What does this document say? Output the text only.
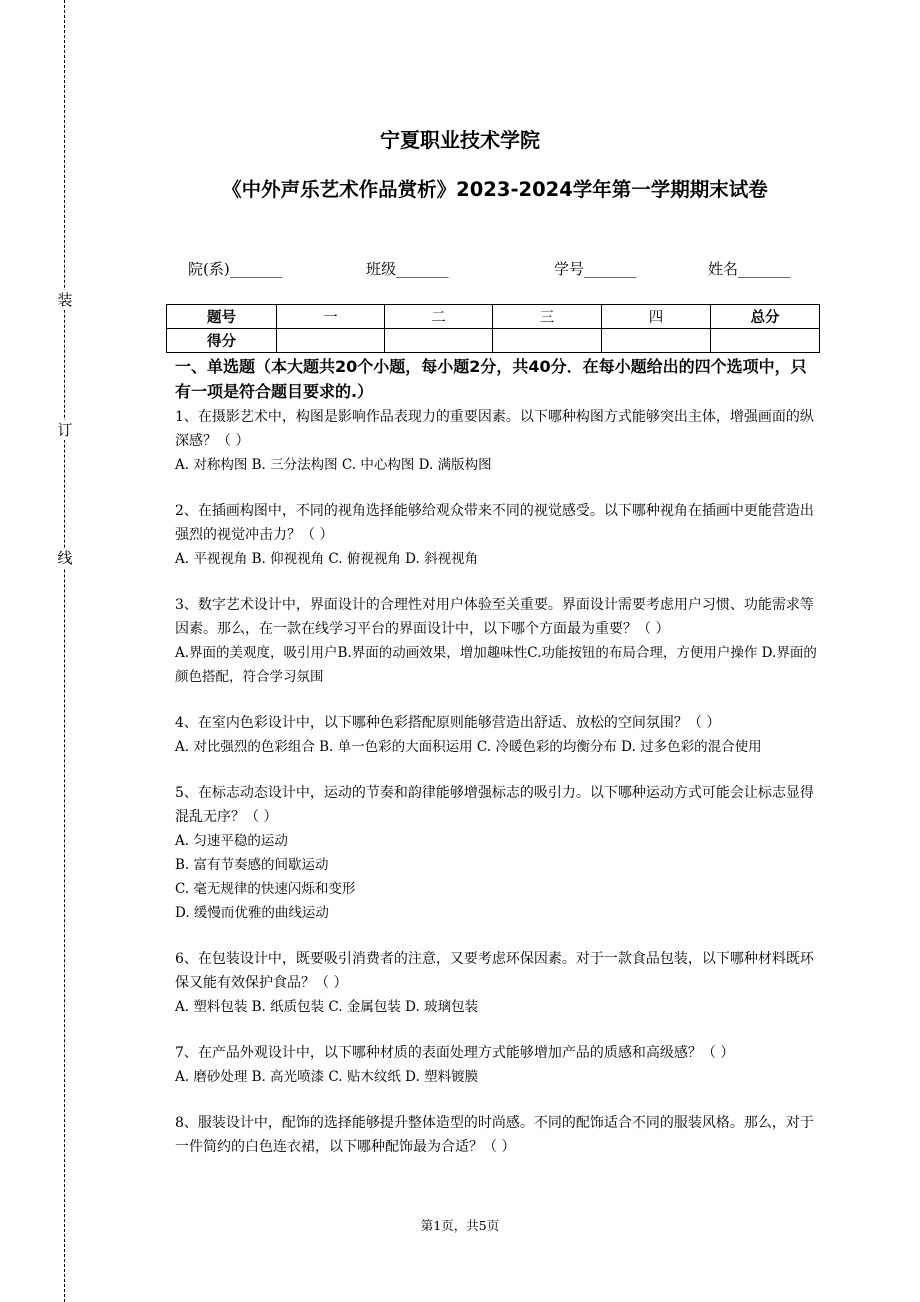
装
订
线
宁夏职业技术学院
《中外声乐艺术作品赏析》2023-2024学年第一学期期末试卷
院(系)_______	班级_______	学号_______	姓名_______
题号	一	二	三	四	总分
得分					
一、单选题（本大题共20个小题，每小题2分，共40分．在每小题给出的四个选项中，只有一项是符合题目要求的.）
1、在摄影艺术中，构图是影响作品表现力的重要因素。以下哪种构图方式能够突出主体，增强画面的纵深感？（ ）
A. 对称构图 B. 三分法构图 C. 中心构图 D. 满版构图
2、在插画构图中，不同的视角选择能够给观众带来不同的视觉感受。以下哪种视角在插画中更能营造出强烈的视觉冲击力？（ ）
A. 平视视角 B. 仰视视角 C. 俯视视角 D. 斜视视角
3、数字艺术设计中，界面设计的合理性对用户体验至关重要。界面设计需要考虑用户习惯、功能需求等因素。那么，在一款在线学习平台的界面设计中，以下哪个方面最为重要？（ ）
A.界面的美观度，吸引用户B.界面的动画效果，增加趣味性C.功能按钮的布局合理，方便用户操作 D.界面的颜色搭配，符合学习氛围
4、在室内色彩设计中，以下哪种色彩搭配原则能够营造出舒适、放松的空间氛围？（ ）
A. 对比强烈的色彩组合 B. 单一色彩的大面积运用 C. 冷暖色彩的均衡分布 D. 过多色彩的混合使用
5、在标志动态设计中，运动的节奏和韵律能够增强标志的吸引力。以下哪种运动方式可能会让标志显得混乱无序？（ ）
A. 匀速平稳的运动
B. 富有节奏感的间歇运动
C. 毫无规律的快速闪烁和变形
D. 缓慢而优雅的曲线运动
6、在包装设计中，既要吸引消费者的注意，又要考虑环保因素。对于一款食品包装，以下哪种材料既环保又能有效保护食品？（ ）
A. 塑料包装 B. 纸质包装 C. 金属包装 D. 玻璃包装
7、在产品外观设计中，以下哪种材质的表面处理方式能够增加产品的质感和高级感？（ ）
A. 磨砂处理 B. 高光喷漆 C. 贴木纹纸 D. 塑料镀膜
8、服装设计中，配饰的选择能够提升整体造型的时尚感。不同的配饰适合不同的服装风格。那么，对于一件简约的白色连衣裙，以下哪种配饰最为合适？（ ）
第1页，共5页
